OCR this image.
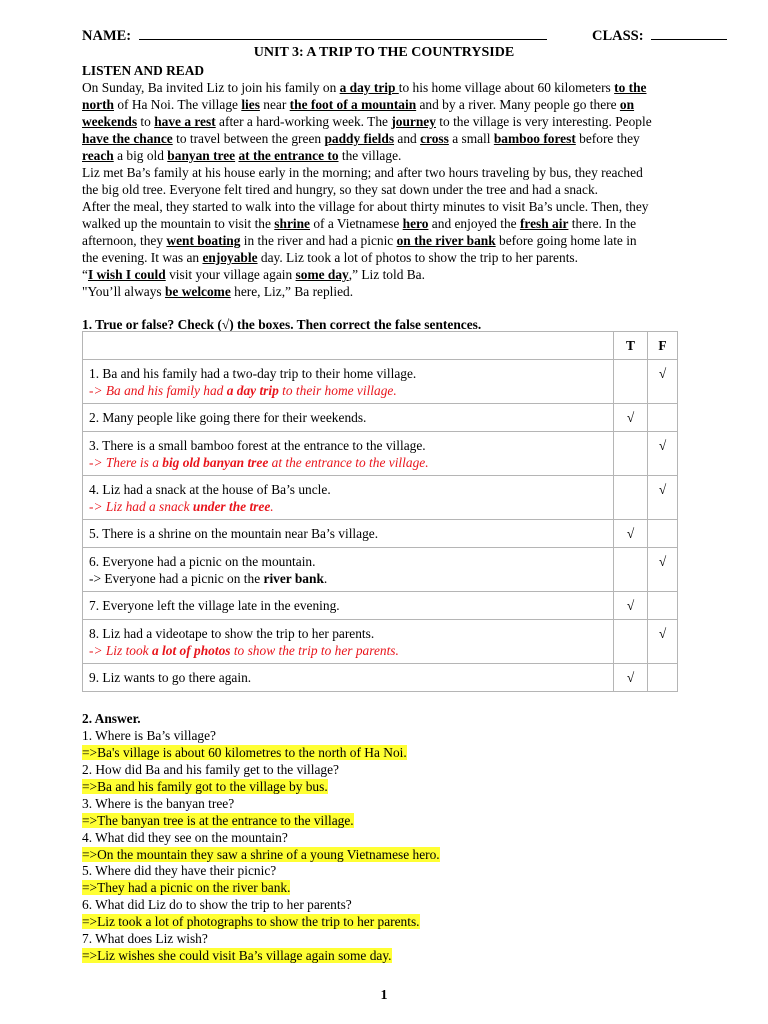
NAME:	CLASS:
UNIT 3: A TRIP TO THE COUNTRYSIDE
LISTEN AND READ
On Sunday, Ba invited Liz to join his family on a day trip to his home village about 60 kilometers to the
north of Ha Noi. The village lies near the foot of a mountain and by a river. Many people go there on
weekends to have a rest after a hard-working week. The journey to the village is very interesting. People
have the chance to travel between the green paddy fields and cross a small bamboo forest before they
reach a big old banyan tree at the entrance to the village.
Liz met Ba’s family at his house early in the morning; and after two hours traveling by bus, they reached
the big old tree. Everyone felt tired and hungry, so they sat down under the tree and had a snack.
After the meal, they started to walk into the village for about thirty minutes to visit Ba’s uncle. Then, they
walked up the mountain to visit the shrine of a Vietnamese hero and enjoyed the fresh air there. In the
afternoon, they went boating in the river and had a picnic on the river bank before going home late in
the evening. It was an enjoyable day. Liz took a lot of photos to show the trip to her parents.
“I wish I could visit your village again some day,” Liz told Ba.
"You’ll always be welcome here, Liz,” Ba replied.
1. True or false? Check (√) the boxes. Then correct the false sentences.
	T	F

1. Ba and his family had a two-day trip to their home village.
-> Ba and his family had a day trip to their home village.		√

2. Many people like going there for their weekends.	√	

3. There is a small bamboo forest at the entrance to the village.
-> There is a big old banyan tree at the entrance to the village.		√

4. Liz had a snack at the house of Ba’s uncle.
-> Liz had a snack under the tree.		√

5. There is a shrine on the mountain near Ba’s village.	√	

6. Everyone had a picnic on the mountain.
-> Everyone had a picnic on the river bank.		√

7. Everyone left the village late in the evening.	√	

8. Liz had a videotape to show the trip to her parents.
-> Liz took a lot of photos to show the trip to her parents.		√

9. Liz wants to go there again.	√	
2. Answer.
1. Where is Ba’s village?
=>Ba's village is about 60 kilometres to the north of Ha Noi.
2. How did Ba and his family get to the village?
=>Ba and his family got to the village by bus.
3. Where is the banyan tree?
=>The banyan tree is at the entrance to the village.
4. What did they see on the mountain?
=>On the mountain they saw a shrine of a young Vietnamese hero.
5. Where did they have their picnic?
=>They had a picnic on the river bank.
6. What did Liz do to show the trip to her parents?
=>Liz took a lot of photographs to show the trip to her parents.
7. What does Liz wish?
=>Liz wishes she could visit Ba’s village again some day.
1
